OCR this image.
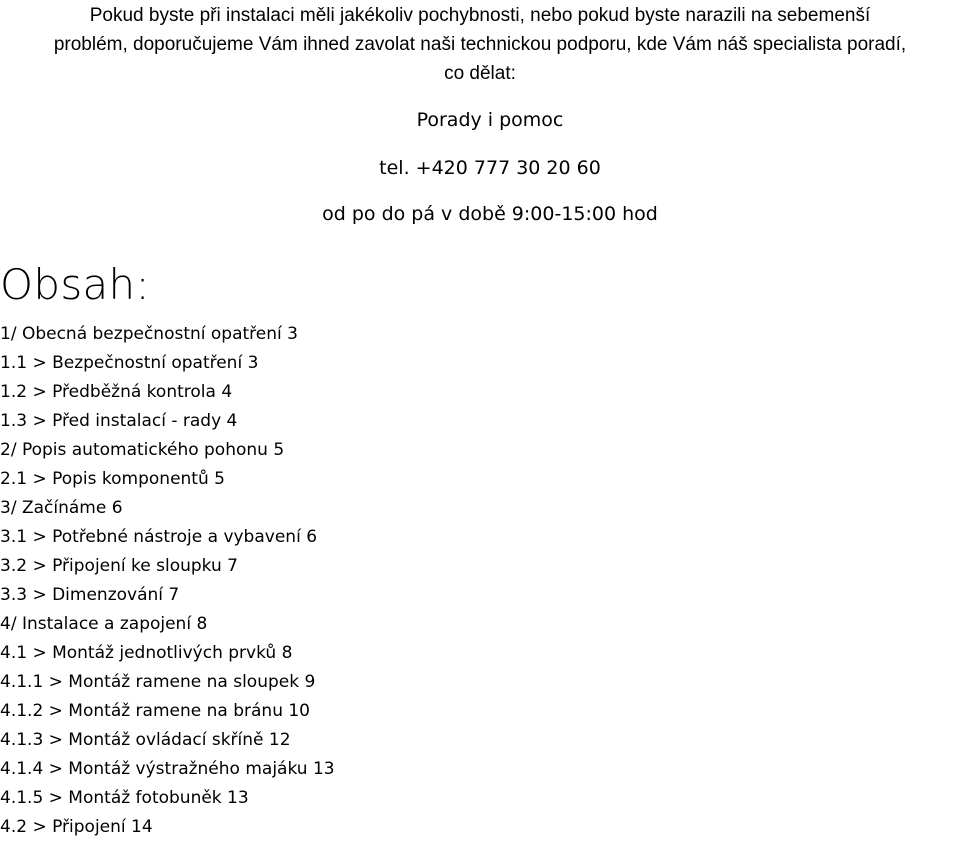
Pokud byste při instalaci měli jakékoliv pochybnosti, nebo pokud byste narazili na sebemenší

problém, doporučujeme Vám ihned zavolat naši technickou podporu, kde Vám náš specialista poradí,

co dělat:

Porady i pomoc
tel. +420 777 30 20 60
od po do pá v době 9:00-15:00 hod
Obsah:
1/ Obecná bezpečnostní opatření 3
1.1 > Bezpečnostní opatření 3
1.2 > Předběžná kontrola 4
1.3 > Před instalací - rady 4
2/ Popis automatického pohonu 5
2.1 > Popis komponentů 5
3/ Začínáme 6
3.1 > Potřebné nástroje a vybavení 6
3.2 > Připojení ke sloupku 7
3.3 > Dimenzování 7
4/ Instalace a zapojení 8
4.1 > Montáž jednotlivých prvků 8
4.1.1 > Montáž ramene na sloupek 9
4.1.2 > Montáž ramene na bránu 10
4.1.3 > Montáž ovládací skříně 12
4.1.4 > Montáž výstražného majáku 13
4.1.5 > Montáž fotobuněk 13
4.2 > Připojení 14
